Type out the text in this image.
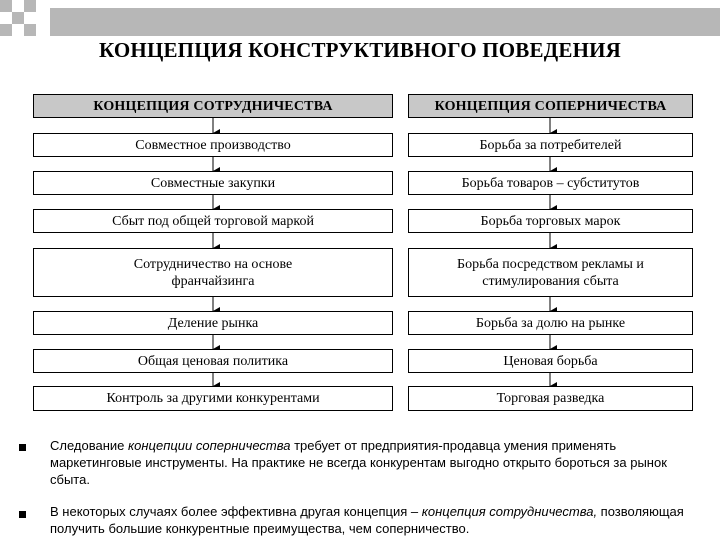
КОНЦЕПЦИЯ КОНСТРУКТИВНОГО ПОВЕДЕНИЯ
КОНЦЕПЦИЯ СОТРУДНИЧЕСТВА
Совместное производство
Совместные закупки
Сбыт под общей торговой маркой
Сотрудничество на основе франчайзинга
Деление рынка
Общая ценовая политика
Контроль за другими конкурентами
КОНЦЕПЦИЯ СОПЕРНИЧЕСТВА
Борьба за потребителей
Борьба товаров – субститутов
Борьба торговых марок
Борьба посредством рекламы и стимулирования сбыта
Борьба за долю на рынке
Ценовая борьба
Торговая разведка
Следование концепции соперничества требует от предприятия-продавца умения применять маркетинговые инструменты. На практике не всегда конкурентам выгодно открыто бороться за рынок сбыта.
В некоторых случаях более эффективна другая концепция – концепция сотрудничества, позволяющая получить большие конкурентные преимущества, чем соперничество.
